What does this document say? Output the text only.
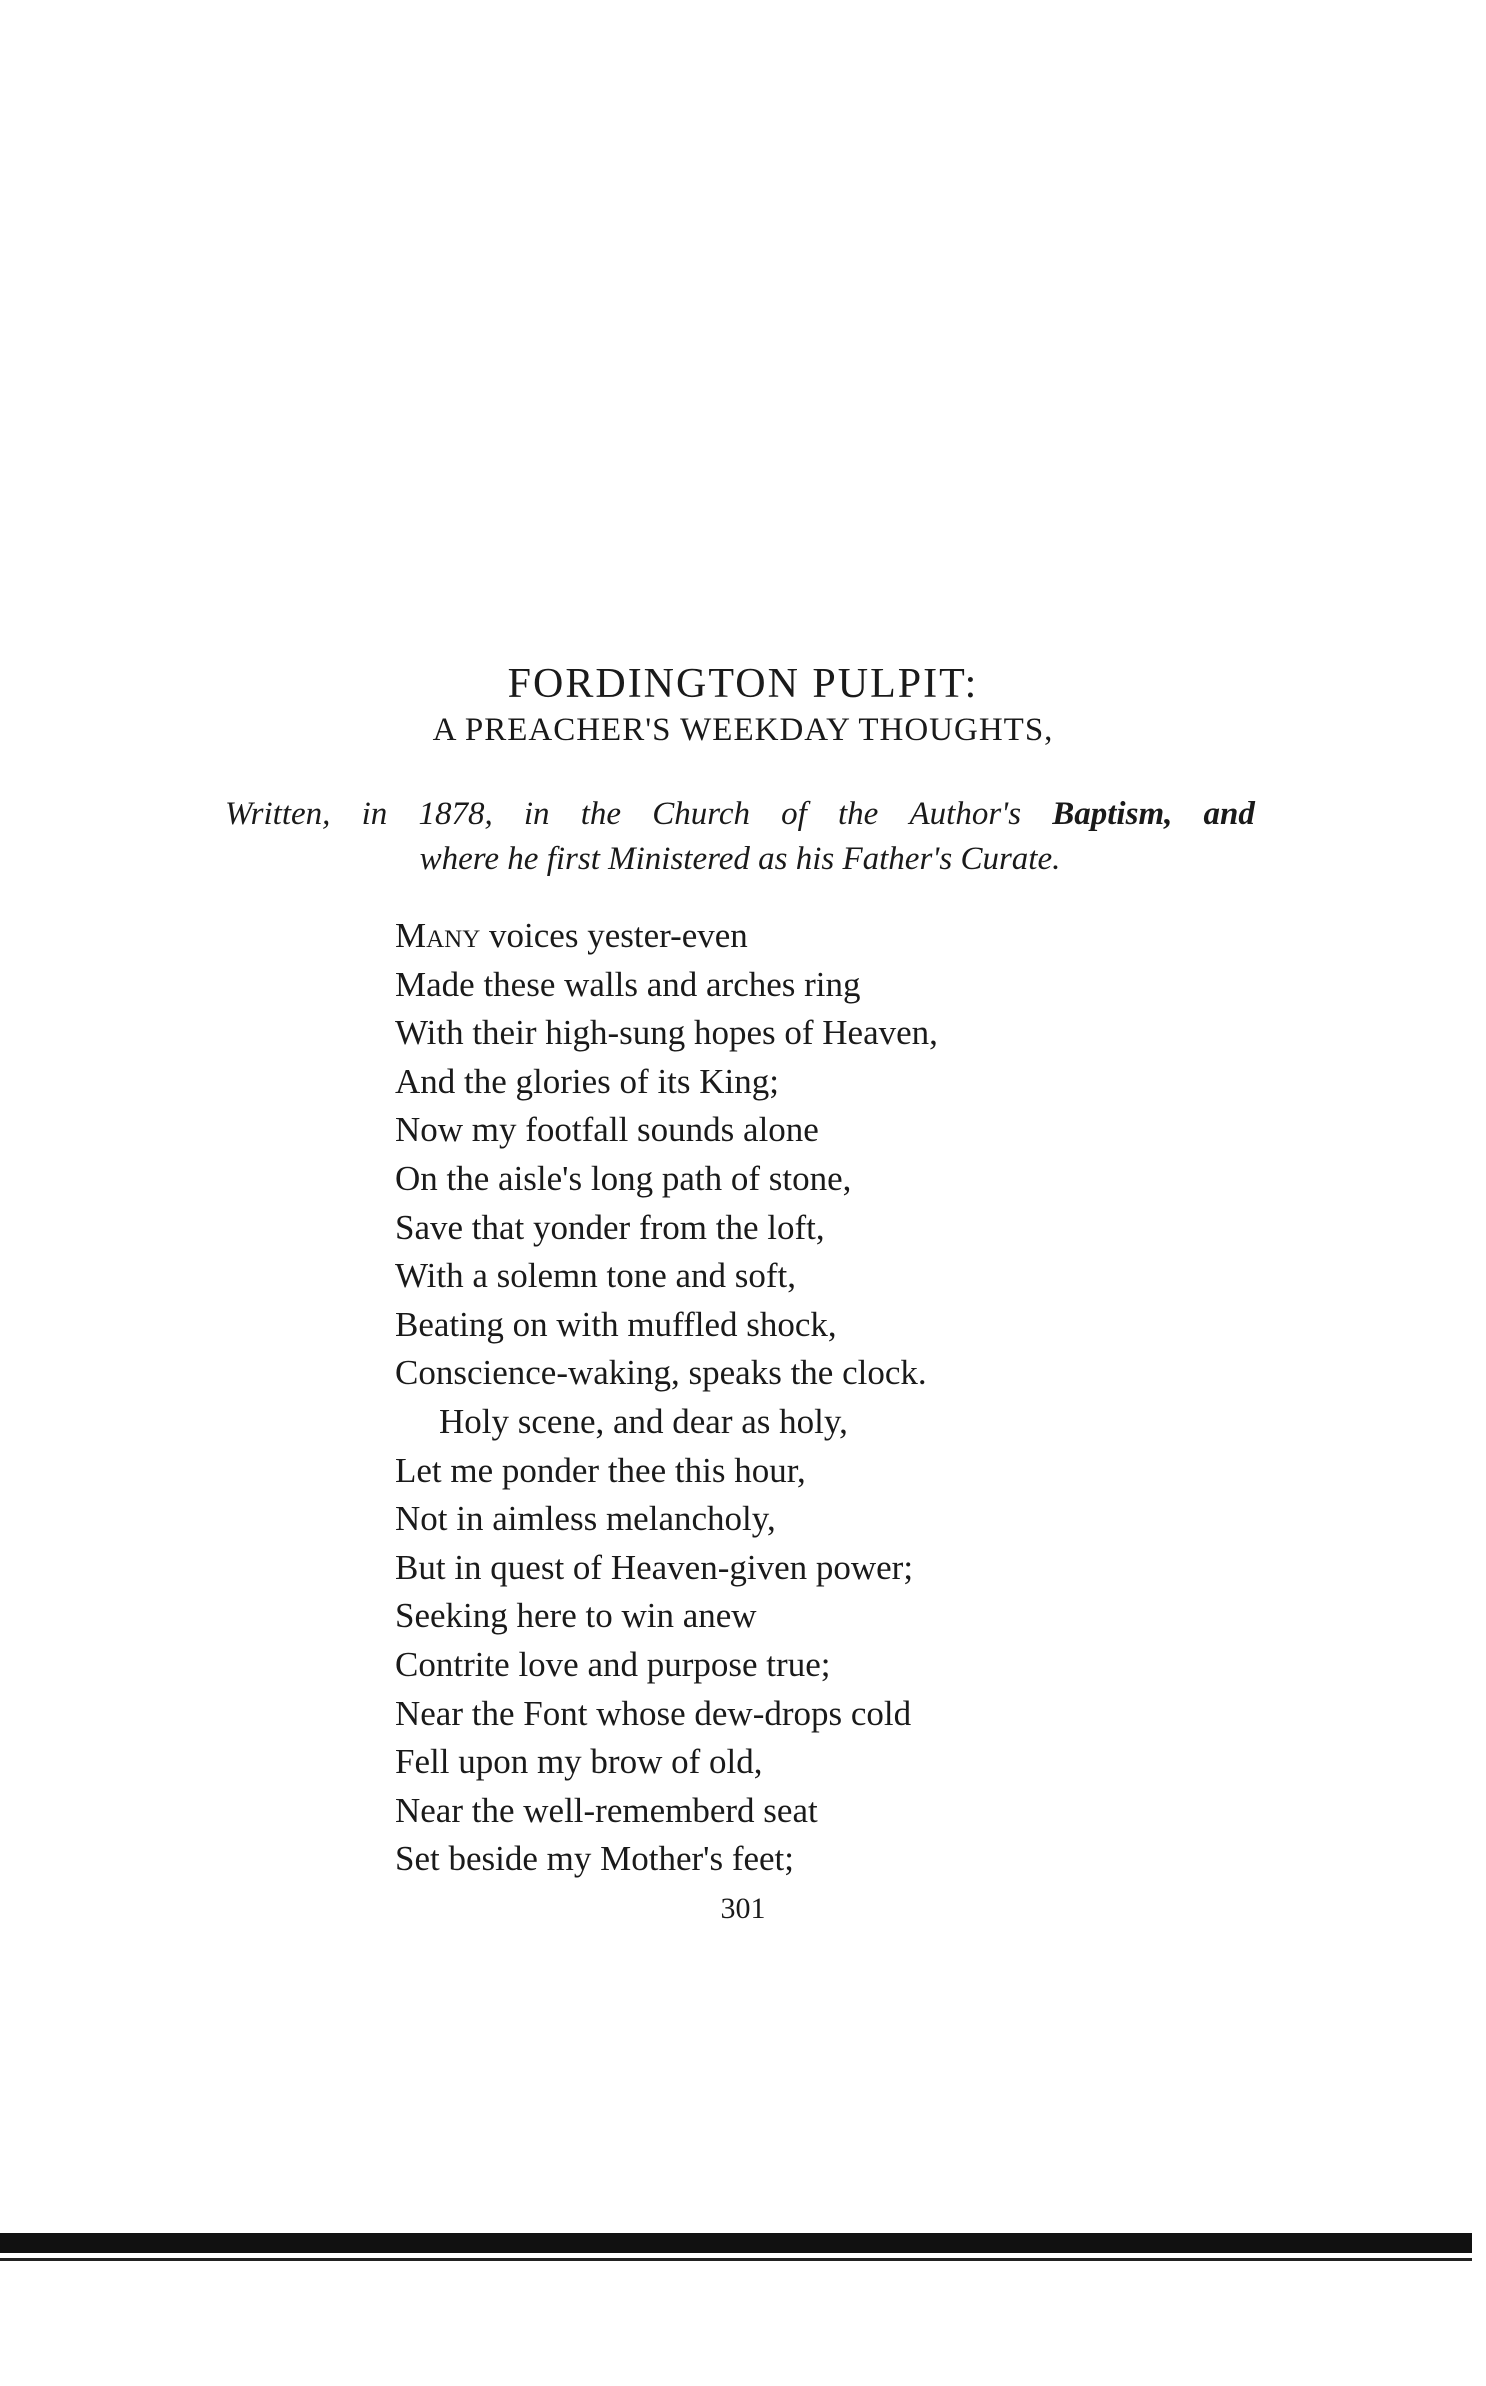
FORDINGTON PULPIT:
A PREACHER'S WEEKDAY THOUGHTS,
Written, in 1878, in the Church of the Author's Baptism, and
where he first Ministered as his Father's Curate.
Many voices yester-even
Made these walls and arches ring
With their high-sung hopes of Heaven,
And the glories of its King;
Now my footfall sounds alone
On the aisle's long path of stone,
Save that yonder from the loft,
With a solemn tone and soft,
Beating on with muffled shock,
Conscience-waking, speaks the clock.
Holy scene, and dear as holy,
Let me ponder thee this hour,
Not in aimless melancholy,
But in quest of Heaven-given power;
Seeking here to win anew
Contrite love and purpose true;
Near the Font whose dew-drops cold
Fell upon my brow of old,
Near the well-rememberd seat
Set beside my Mother's feet;
301
